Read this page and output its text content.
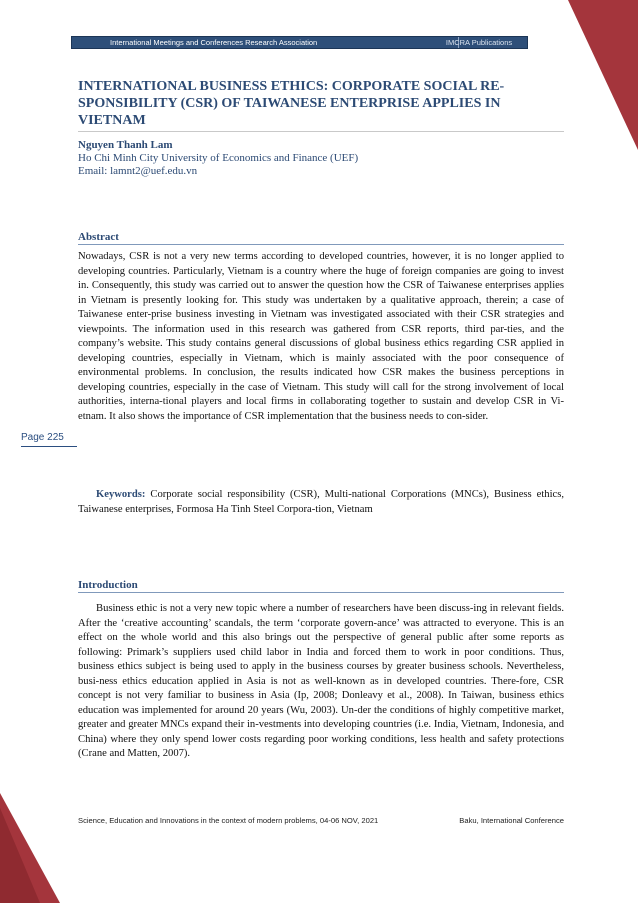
International Meetings and Conferences Research Association	IMCRA Publications
INTERNATIONAL BUSINESS ETHICS: CORPORATE SOCIAL RE-SPONSIBILITY (CSR) OF TAIWANESE ENTERPRISE APPLIES IN VIETNAM
Nguyen Thanh Lam
Ho Chi Minh City University of Economics and Finance (UEF)
Email: lamnt2@uef.edu.vn
Abstract

Nowadays, CSR is not a very new terms according to developed countries, however, it is no longer applied to developing countries. Particularly, Vietnam is a country where the huge of foreign companies are going to invest in. Consequently, this study was carried out to answer the question how the CSR of Taiwanese enterprises applies in Vietnam is presently looking for. This study was undertaken by a qualitative approach, therein; a case of Taiwanese enter-prise business investing in Vietnam was investigated associated with their CSR strategies and viewpoints. The information used in this research was gathered from CSR reports, third par-ties, and the company’s website. This study contains general discussions of global business ethics regarding CSR applied in developing countries, especially in Vietnam, which is mainly associated with the poor consequence of environmental problems. In conclusion, the results indicated how CSR makes the business perceptions in developing countries, especially in the case of Vietnam. This study will call for the strong involvement of local authorities, interna-tional players and local firms in collaborating together to sustain and develop CSR in Vi-etnam. It also shows the importance of CSR implementation that the business needs to con-sider.

Keywords: Corporate social responsibility (CSR), Multi-national Corporations (MNCs), Business ethics, Taiwanese enterprises, Formosa Ha Tinh Steel Corpora-tion, Vietnam

Page 225
Introduction

Business ethic is not a very new topic where a number of researchers have been discuss-ing in relevant fields. After the ‘creative accounting’ scandals, the term ‘corporate govern-ance’ was attracted to everyone. This is an effect on the whole world and this also brings out the perspective of general public after some reports as following: Primark’s suppliers used child labor in India and forced them to work in poor conditions. Thus, business ethics subject is being used to apply in the business courses by greater business schools. Nevertheless, busi-ness ethics education applied in Asia is not as well-known as in developed countries. There-fore, CSR concept is not very familiar to business in Asia (Ip, 2008; Donleavy et al., 2008). In Taiwan, business ethics education was implemented for around 20 years (Wu, 2003). Un-der the conditions of highly competitive market, greater and greater MNCs expand their in-vestments into developing countries (i.e. India, Vietnam, Indonesia, and China) where they only spend lower costs regarding poor working conditions, less health and safety protections (Crane and Matten, 2007).

Science, Education and Innovations in the context of modern problems, 04-06 NOV, 2021	Baku, International Conference
